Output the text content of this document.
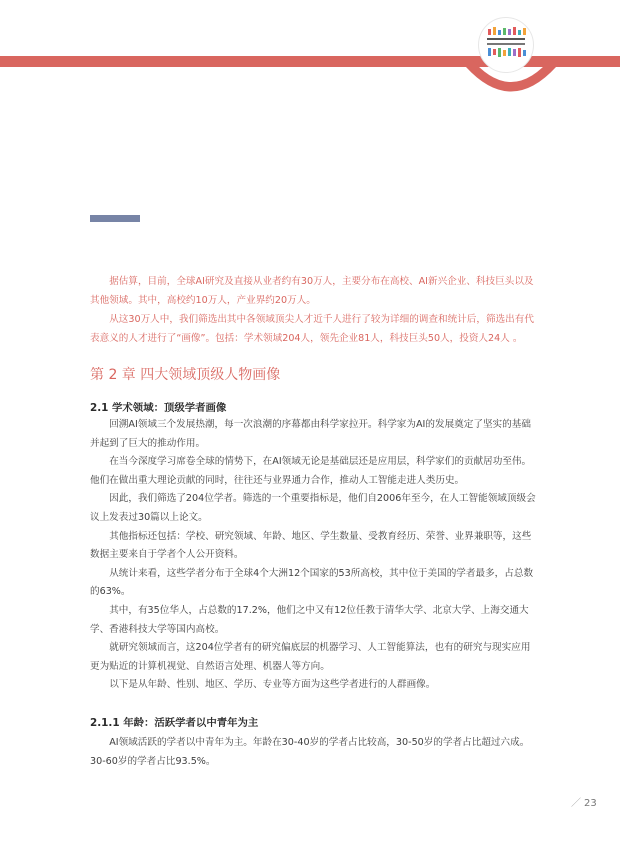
据估算，目前，全球AI研究及直接从业者约有30万人，主要分布在高校、AI新兴企业、科技巨头以及其他领域。其中，高校约10万人，产业界约20万人。

从这30万人中，我们筛选出其中各领域顶尖人才近千人进行了较为详细的调查和统计后，筛选出有代表意义的人才进行了“画像”。包括：学术领域204人，领先企业81人，科技巨头50人，投资人24人 。

第 2 章 四大领域顶级人物画像
2.1 学术领域：顶级学者画像

回溯AI领域三个发展热潮，每一次浪潮的序幕都由科学家拉开。科学家为AI的发展奠定了坚实的基础并起到了巨大的推动作用。

在当今深度学习席卷全球的情势下，在AI领域无论是基础层还是应用层，科学家们的贡献居功至伟。他们在做出重大理论贡献的同时，往往还与业界通力合作，推动人工智能走进人类历史。

因此，我们筛选了204位学者。筛选的一个重要指标是，他们自2006年至今，在人工智能领域顶级会议上发表过30篇以上论文。

其他指标还包括：学校、研究领域、年龄、地区、学生数量、受教育经历、荣誉、业界兼职等，这些数据主要来自于学者个人公开资料。

从统计来看，这些学者分布于全球4个大洲12个国家的53所高校，其中位于美国的学者最多，占总数的63%。

其中，有35位华人，占总数的17.2%，他们之中又有12位任教于清华大学、北京大学、上海交通大学、香港科技大学等国内高校。

就研究领域而言，这204位学者有的研究偏底层的机器学习、人工智能算法，也有的研究与现实应用更为贴近的计算机视觉、自然语言处理、机器人等方向。

以下是从年龄、性别、地区、学历、专业等方面为这些学者进行的人群画像。

2.1.1 年龄：活跃学者以中青年为主

AI领域活跃的学者以中青年为主。年龄在30-40岁的学者占比较高，30-50岁的学者占比超过六成。30-60岁的学者占比93.5%。

／ 23
